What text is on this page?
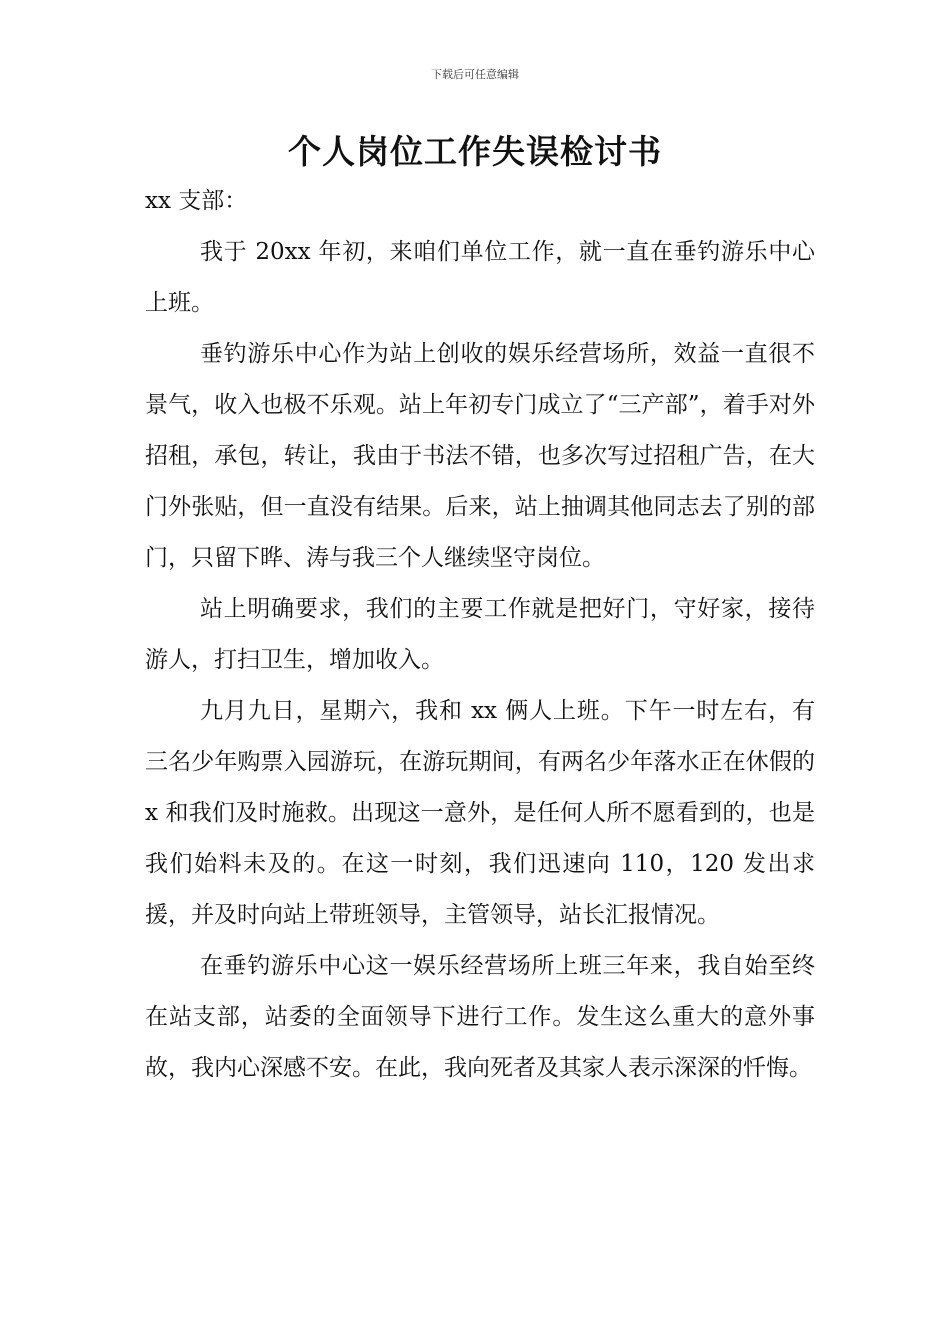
下载后可任意编辑
个人岗位工作失误检讨书

xx 支部：

我于 20xx 年初，来咱们单位工作，就一直在垂钓游乐中心上班。

垂钓游乐中心作为站上创收的娱乐经营场所，效益一直很不景气，收入也极不乐观。站上年初专门成立了“三产部”，着手对外招租，承包，转让，我由于书法不错，也多次写过招租广告，在大门外张贴，但一直没有结果。后来，站上抽调其他同志去了别的部门，只留下晔、涛与我三个人继续坚守岗位。

站上明确要求，我们的主要工作就是把好门，守好家，接待游人，打扫卫生，增加收入。

九月九日，星期六，我和 xx 俩人上班。下午一时左右，有三名少年购票入园游玩，在游玩期间，有两名少年落水正在休假的 x 和我们及时施救。出现这一意外，是任何人所不愿看到的，也是我们始料未及的。在这一时刻，我们迅速向 110，120 发出求援，并及时向站上带班领导，主管领导，站长汇报情况。

在垂钓游乐中心这一娱乐经营场所上班三年来，我自始至终在站支部，站委的全面领导下进行工作。发生这么重大的意外事故，我内心深感不安。在此，我向死者及其家人表示深深的忏悔。
